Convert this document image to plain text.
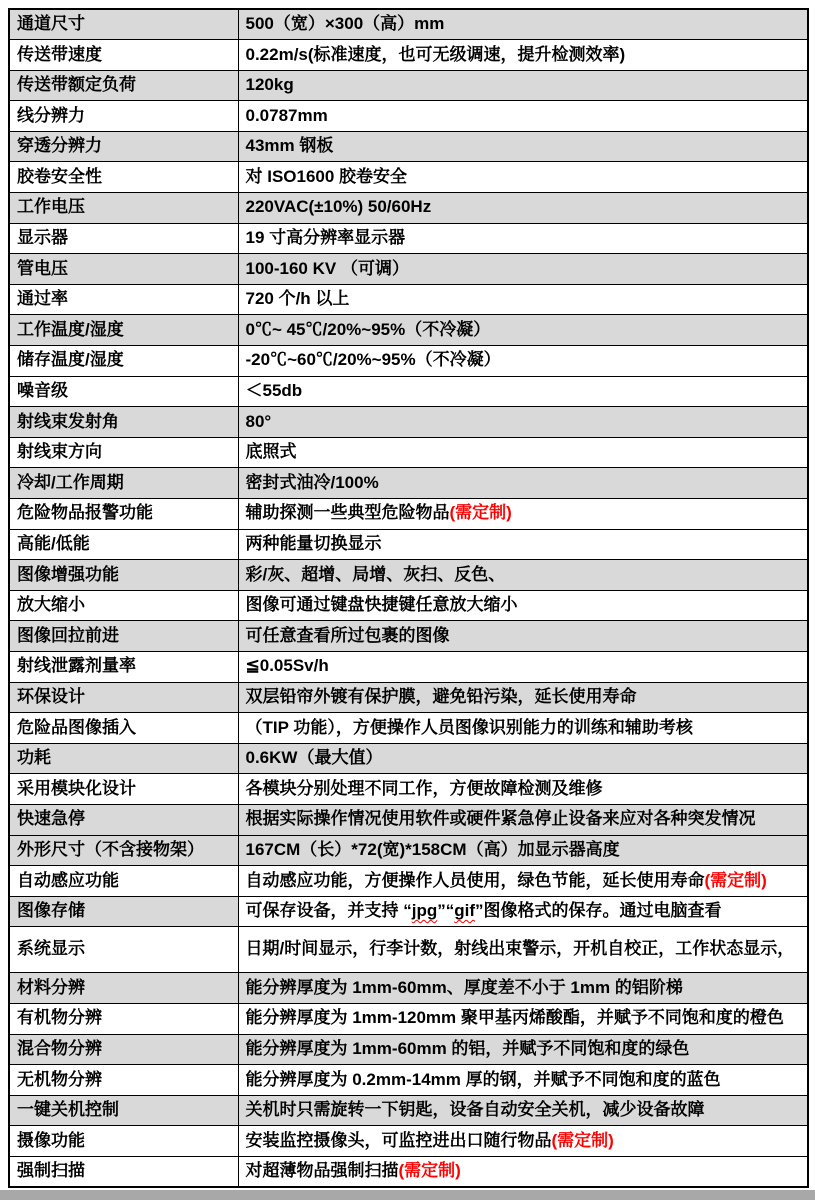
通道尺寸	500（宽）×300（高）mm
传送带速度	0.22m/s(标准速度，也可无级调速，提升检测效率)
传送带额定负荷	120kg
线分辨力	0.0787mm
穿透分辨力	43mm 钢板
胶卷安全性	对 ISO1600 胶卷安全
工作电压	220VAC(±10%) 50/60Hz
显示器	19 寸高分辨率显示器
管电压	100-160 KV （可调）
通过率	720 个/h 以上
工作温度/湿度	0℃~ 45℃/20%~95%（不冷凝）
储存温度/湿度	-20℃~60℃/20%~95%（不冷凝）
噪音级	＜55db
射线束发射角	80°
射线束方向	底照式
冷却/工作周期	密封式油冷/100%
危险物品报警功能	辅助探测一些典型危险物品(需定制)
高能/低能	两种能量切换显示
图像增强功能	彩/灰、超增、局增、灰扫、反色、
放大缩小	图像可通过键盘快捷键任意放大缩小
图像回拉前进	可任意查看所过包裹的图像
射线泄露剂量率	≦0.05Sv/h
环保设计	双层铅帘外镀有保护膜，避免铅污染，延长使用寿命
危险品图像插入	（TIP 功能），方便操作人员图像识别能力的训练和辅助考核
功耗	0.6KW（最大值）
采用模块化设计	各模块分别处理不同工作，方便故障检测及维修
快速急停	根据实际操作情况使用软件或硬件紧急停止设备来应对各种突发情况
外形尺寸（不含接物架）	167CM（长）*72(宽)*158CM（高）加显示器高度
自动感应功能	自动感应功能，方便操作人员使用，绿色节能，延长使用寿命(需定制)
图像存储	可保存设备，并支持 “jpg”“gif”图像格式的保存。通过电脑查看
系统显示	日期/时间显示，行李计数，射线出束警示，开机自校正，工作状态显示，
材料分辨	能分辨厚度为 1mm-60mm、厚度差不小于 1mm 的铝阶梯
有机物分辨	能分辨厚度为 1mm-120mm 聚甲基丙烯酸酯，并赋予不同饱和度的橙色
混合物分辨	能分辨厚度为 1mm-60mm 的铝，并赋予不同饱和度的绿色
无机物分辨	能分辨厚度为 0.2mm-14mm 厚的钢，并赋予不同饱和度的蓝色
一键关机控制	关机时只需旋转一下钥匙，设备自动安全关机，减少设备故障
摄像功能	安装监控摄像头，可监控进出口随行物品(需定制)
强制扫描	对超薄物品强制扫描(需定制)
